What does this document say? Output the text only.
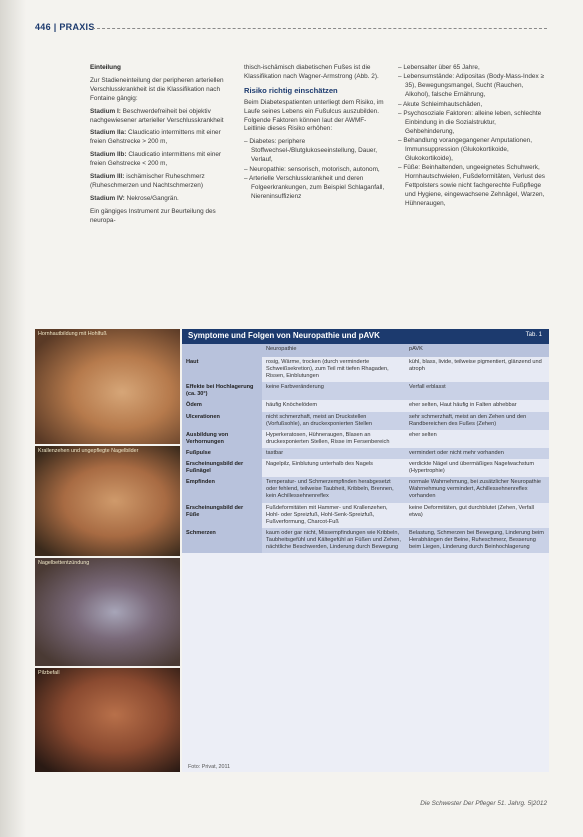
446 | PRAXIS

Einteilung

Zur Stadieneinteilung der peripheren arteriellen Verschlusskrankheit ist die Klassifikation nach Fontaine gängig:

Stadium I: Beschwerdefreiheit bei objektiv nachgewiesener arterieller Verschlusskrankheit

Stadium IIa: Claudicatio intermittens mit einer freien Gehstrecke > 200 m,

Stadium IIb: Claudicatio intermittens mit einer freien Gehstrecke < 200 m,

Stadium III: ischämischer Ruheschmerz (Ruheschmerzen und Nachtschmerzen)

Stadium IV: Nekrose/Gangrän.

Ein gängiges Instrument zur Beurteilung des neuropa-

thisch-ischämisch diabetischen Fußes ist die Klassifikation nach Wagner-Armstrong (Abb. 2).

Risiko richtig einschätzen

Beim Diabetespatienten unterliegt dem Risiko, im Laufe seines Lebens ein Fußulcus auszubilden. Folgende Faktoren können laut der AWMF-Leitlinie dieses Risiko erhöhen:

– Diabetes: periphere Stoffwechsel-/Blutglukoseeinstellung, Dauer, Verlauf,
– Neuropathie: sensorisch, motorisch, autonom,
– Arterielle Verschlusskrankheit und deren Folgeerkrankungen, zum Beispiel Schlaganfall, Niereninsuffizienz
– Lebensalter über 65 Jahre,
– Lebensumstände: Adipositas (Body-Mass-Index ≥ 35), Bewegungsmangel, Sucht (Rauchen, Alkohol), falsche Ernährung,
– Akute Schleimhautschäden,
– Psychosoziale Faktoren: alleine leben, schlechte Einbindung in die Sozialstruktur, Gehbehinderung,
– Behandlung vorangegangener Amputationen, Immunsuppression (Glukokortikoide, Glukokortikoide),
– Füße: Beinhaltenden, ungeeignetes Schuhwerk, Hornhautschwielen, Fußdeformitäten, Verlust des Fettpolsters sowie nicht fachgerechte Fußpflege und Hygiene, eingewachsene Zehnägel, Warzen, Hühneraugen,
Hornhautbildung mit Hohlfuß
Krallenzehen und ungepflegte Nagelbilder
Nagelbettentzündung
Pilzbefall
Symptome und Folgen von Neuropathie und pAVK	Tab. 1
	Neuropathie	pAVK
Haut	rosig, Wärme, trocken (durch verminderte Schweißsekretion), zum Teil mit tiefen Rhagaden, Rissen, Einblutungen	kühl, blass, livide, teilweise pigmentiert, glänzend und atroph
Effekte bei Hochlagerung (ca. 30°)	keine Farbveränderung	Verfall erblasst
Ödem	häufig Knöchelödem	eher selten, Haut häufig in Falten abhebbar
Ulcerationen	nicht schmerzhaft, meist an Druckstellen (Vorfußsohle), an druckexponierten Stellen	sehr schmerzhaft, meist an den Zehen und den Randbereichen des Fußes (Zehen)
Ausbildung von Verhornungen	Hyperkeratosen, Hühneraugen, Blasen an druckexponierten Stellen, Risse im Fersenbereich	eher selten
Fußpulse	tastbar	vermindert oder nicht mehr vorhanden
Erscheinungsbild der Fußnägel	Nagelpilz, Einblutung unterhalb des Nagels	verdickte Nägel und übermäßiges Nagelwachstum (Hypertrophie)
Empfinden	Temperatur- und Schmerzempfinden herabgesetzt oder fehlend, teilweise Taubheit, Kribbeln, Brennen, kein Achillessehnenreflex	normale Wahrnehmung, bei zusätzlicher Neuropathie Wahrnehmung vermindert, Achillessehnenreflex vorhanden
Erscheinungsbild der Füße	Fußdeformitäten mit Hammer- und Krallenzehen, Hohl- oder Spreizfuß, Hohl-Senk-Spreizfuß, Fußverformung, Charcot-Fuß	keine Deformitäten, gut durchblutet (Zehen, Verfall etwa)
Schmerzen	kaum oder gar nicht, Missempfindungen wie Kribbeln, Taubheitsgefühl und Kältegefühl an Füßen und Zehen, nächtliche Beschwerden, Linderung durch Bewegung	Belastung, Schmerzen bei Bewegung, Linderung beim Herabhängen der Beine, Ruheschmerz, Besserung beim Liegen, Linderung durch Beinhochlagerung
Foto: Privat, 2011
Die Schwester Der Pfleger 51. Jahrg. 5|2012
